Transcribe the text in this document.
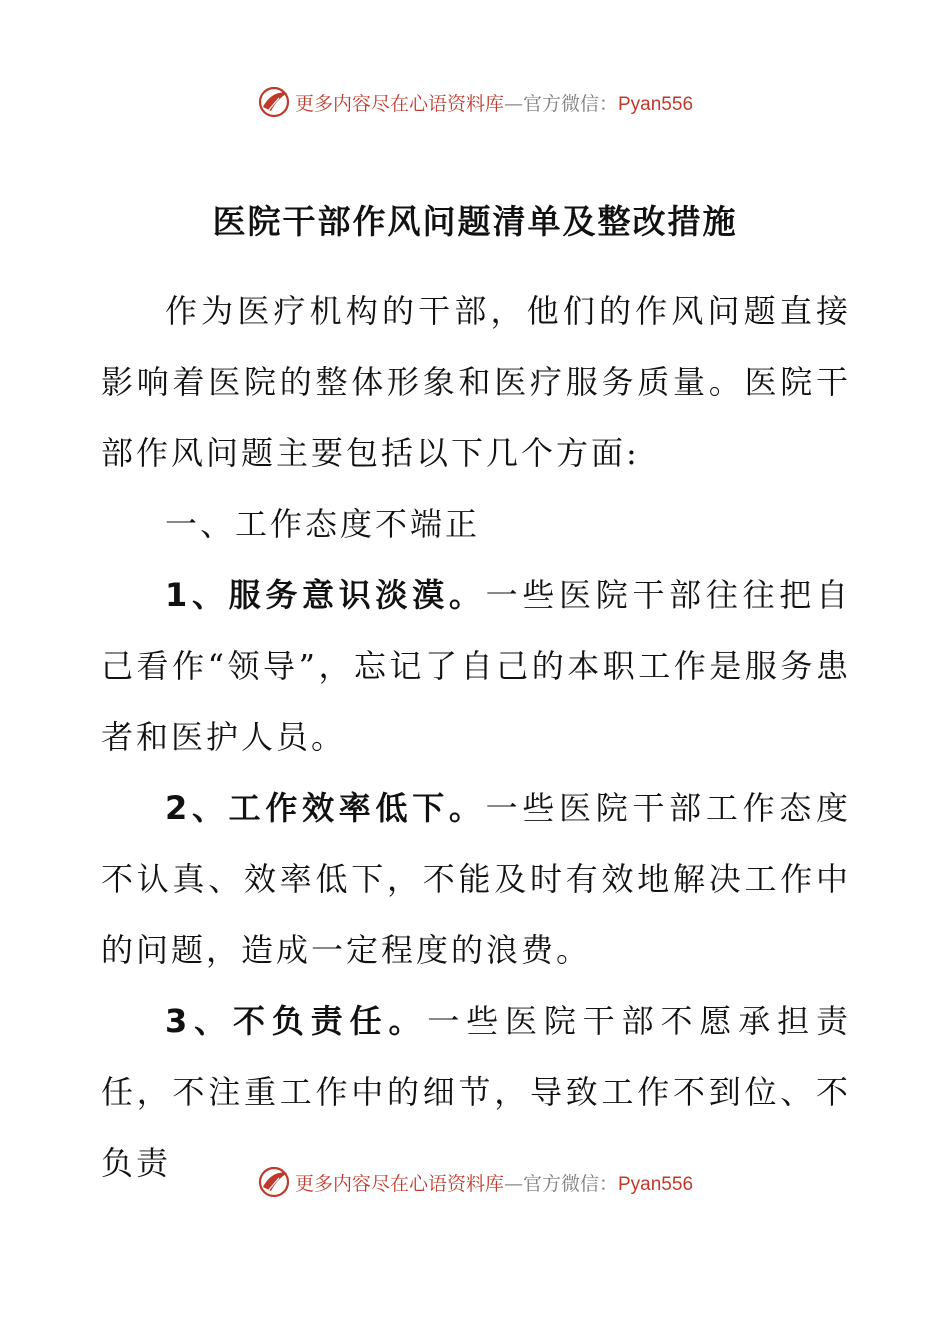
更多内容尽在心语资料库—官方微信：Pyan556
医院干部作风问题清单及整改措施

作为医疗机构的干部，他们的作风问题直接影响着医院的整体形象和医疗服务质量。医院干部作风问题主要包括以下几个方面:

一、工作态度不端正

1、服务意识淡漠。一些医院干部往往把自己看作“领导”，忘记了自己的本职工作是服务患者和医护人员。

2、工作效率低下。一些医院干部工作态度不认真、效率低下，不能及时有效地解决工作中的问题，造成一定程度的浪费。

3、不负责任。一些医院干部不愿承担责任，不注重工作中的细节，导致工作不到位、不负责

更多内容尽在心语资料库—官方微信：Pyan556
